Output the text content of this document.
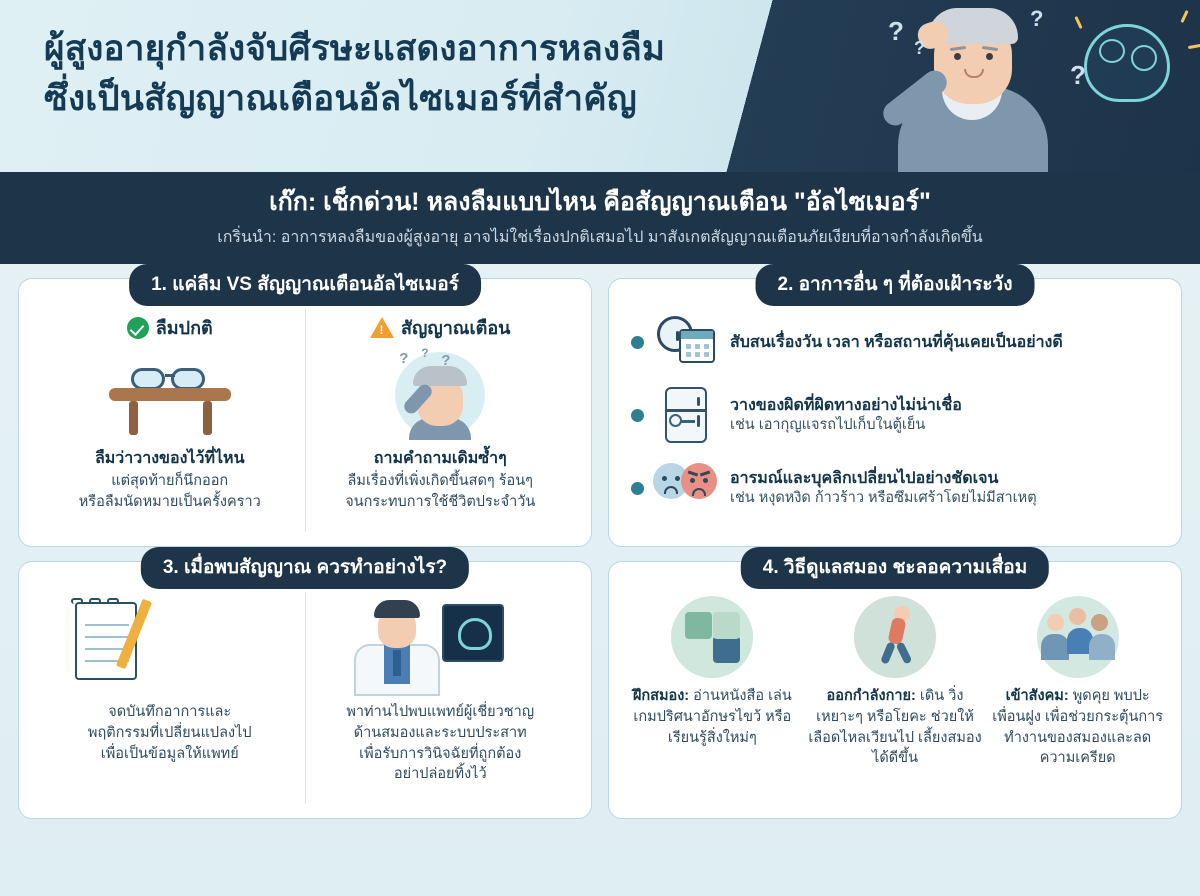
ผู้สูงอายุกำลังจับศีรษะแสดงอาการหลงลืม
ซึ่งเป็นสัญญาณเตือนอัลไซเมอร์ที่สำคัญ
?
?
?
?
เก๊ก: เช็กด่วน! หลงลืมแบบไหน คือสัญญาณเตือน "อัลไซเมอร์"
เกริ่นนำ: อาการหลงลืมของผู้สูงอายุ อาจไม่ใช่เรื่องปกติเสมอไป มาสังเกตสัญญาณเตือนภัยเงียบที่อาจกำลังเกิดขึ้น
1. แค่ลืม VS สัญญาณเตือนอัลไซเมอร์
ลืมปกติ
ลืมว่าวางของไว้ที่ไหน
แต่สุดท้ายก็นึกออก
หรือลืมนัดหมายเป็นครั้งคราว
!
สัญญาณเตือน
? ? ?
ถามคำถามเดิมซ้ำๆ
ลืมเรื่องที่เพิ่งเกิดขึ้นสดๆ ร้อนๆ
จนกระทบการใช้ชีวิตประจำวัน
2. อาการอื่น ๆ ที่ต้องเฝ้าระวัง
สับสนเรื่องวัน เวลา หรือสถานที่คุ้นเคยเป็นอย่างดี
วางของผิดที่ผิดทางอย่างไม่น่าเชื่อ
เช่น เอากุญแจรถไปเก็บในตู้เย็น
อารมณ์และบุคลิกเปลี่ยนไปอย่างชัดเจน
เช่น หงุดหงิด ก้าวร้าว หรือซึมเศร้าโดยไม่มีสาเหตุ
3. เมื่อพบสัญญาณ ควรทำอย่างไร?
จดบันทึกอาการและ
พฤติกรรมที่เปลี่ยนแปลงไป
เพื่อเป็นข้อมูลให้แพทย์
พาท่านไปพบแพทย์ผู้เชี่ยวชาญ
ด้านสมองและระบบประสาท
เพื่อรับการวินิจฉัยที่ถูกต้อง
อย่าปล่อยทิ้งไว้
4. วิธีดูแลสมอง ชะลอความเสื่อม
ฝึกสมอง: อ่านหนังสือ เล่นเกมปริศนาอักษรไขว้ หรือเรียนรู้สิ่งใหม่ๆ
ออกกำลังกาย: เดิน วิ่งเหยาะๆ หรือโยคะ ช่วยให้เลือดไหลเวียนไป เลี้ยงสมองได้ดีขึ้น
เข้าสังคม: พูดคุย พบปะเพื่อนฝูง เพื่อช่วยกระตุ้นการทำงานของสมองและลดความเครียด
